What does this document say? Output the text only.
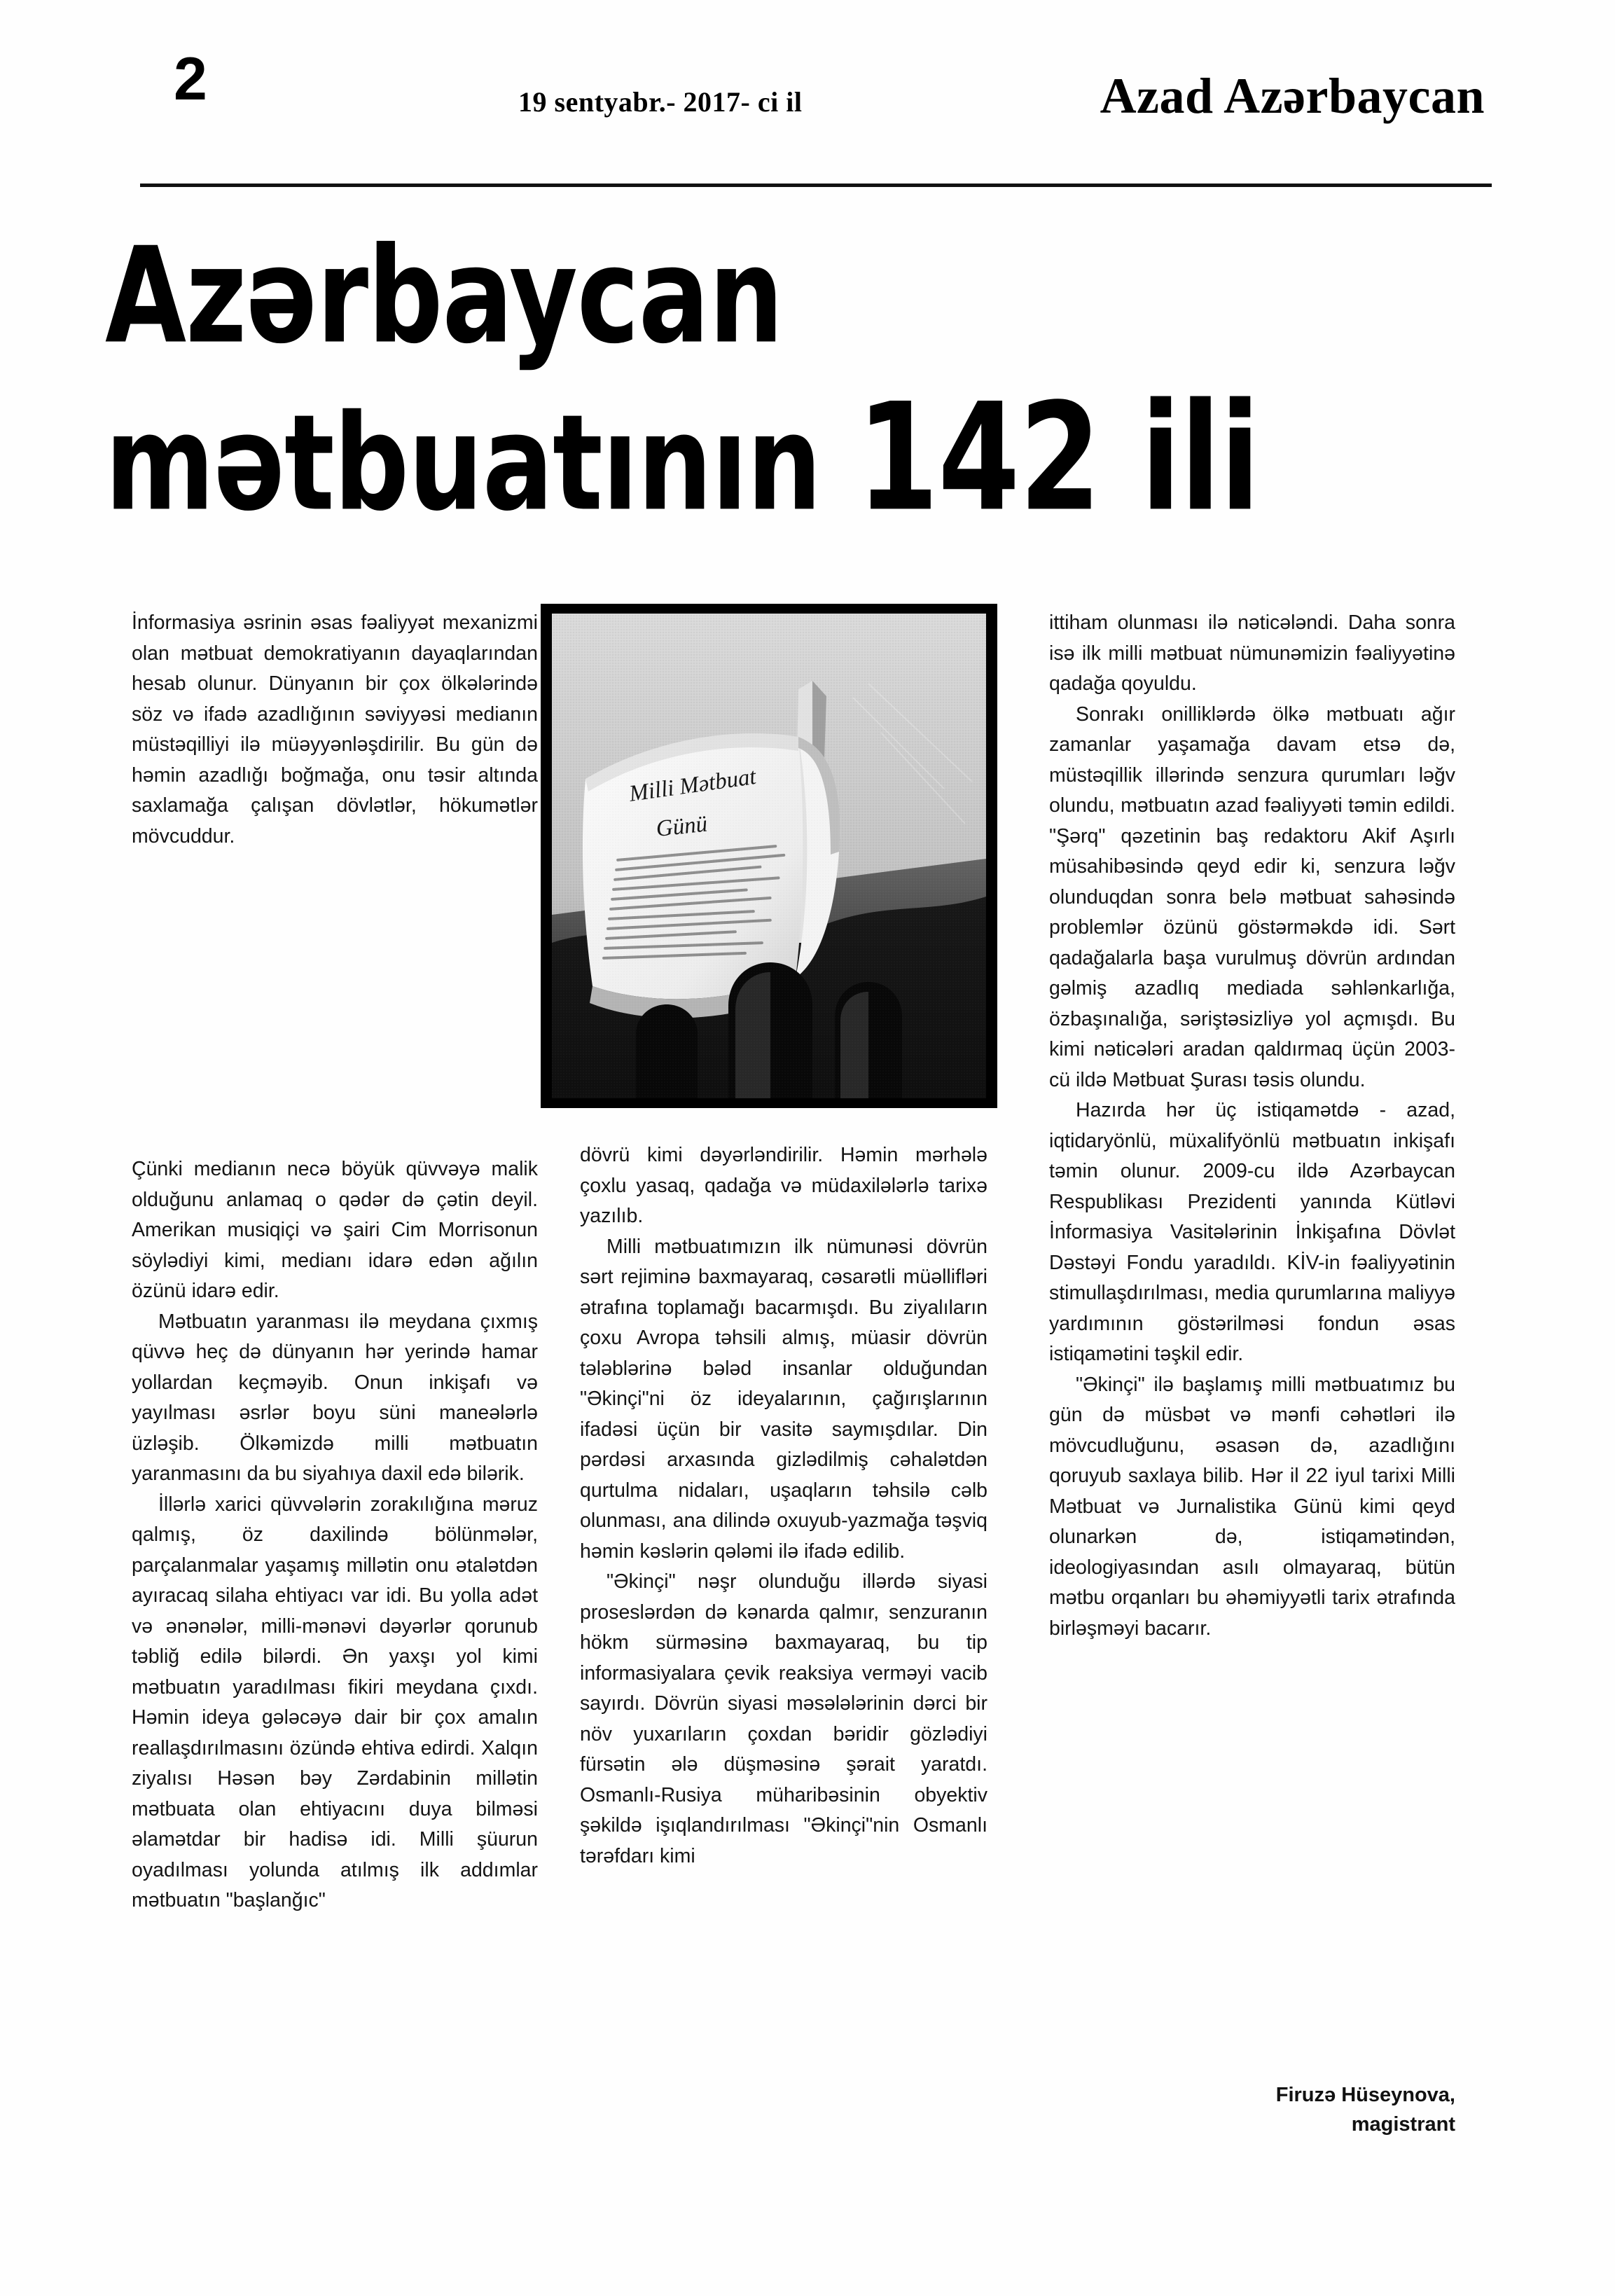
2	19 sentyabr.- 2017- ci il	Azad Azərbaycan
Azərbaycan
mətbuatının 142 ili

İnformasiya əsrinin əsas fəaliyyət mexanizmi olan mətbuat demokratiyanın dayaqlarından hesab olunur. Dünyanın bir çox ölkələrində söz və ifadə azadlığının səviyyəsi medianın müstəqilliyi ilə müəyyənləşdirilir. Bu gün də həmin azadlığı boğmağa, onu təsir altında saxlamağa çalışan dövlətlər, hökumətlər mövcuddur.

Çünki medianın necə böyük qüvvəyə malik olduğunu anlamaq o qədər də çətin deyil. Amerikan musiqiçi və şairi Cim Morrisonun söylədiyi kimi, medianı idarə edən ağılın özünü idarə edir.

Mətbuatın yaranması ilə meydana çıxmış qüvvə heç də dünyanın hər yerində hamar yollardan keçməyib. Onun inkişafı və yayılması əsrlər boyu süni maneələrlə üzləşib. Ölkəmizdə milli mətbuatın yaranmasını da bu siyahıya daxil edə bilərik.

İllərlə xarici qüvvələrin zorakılığına məruz qalmış, öz daxilində bölünmələr, parçalanmalar yaşamış millətin onu ətalətdən ayıracaq silaha ehtiyacı var idi. Bu yolla adət və ənənələr, milli-mənəvi dəyərlər qorunub təbliğ edilə bilərdi. Ən yaxşı yol kimi mətbuatın yaradılması fikiri meydana çıxdı. Həmin ideya gələcəyə dair bir çox amalın reallaşdırılmasını özündə ehtiva edirdi. Xalqın ziyalısı Həsən bəy Zərdabinin millətin mətbuata olan ehtiyacını duya bilməsi əlamətdar bir hadisə idi. Milli şüurun oyadılması yolunda atılmış ilk addımlar mətbuatın "başlanğıc"

dövrü kimi dəyərləndirilir. Həmin mərhələ çoxlu yasaq, qadağa və müdaxilələrlə tarixə yazılıb.

Milli mətbuatımızın ilk nümunəsi dövrün sərt rejiminə baxmayaraq, cəsarətli müəllifləri ətrafına toplamağı bacarmışdı. Bu ziyalıların çoxu Avropa təhsili almış, müasir dövrün tələblərinə bələd insanlar olduğundan "Əkinçi"ni öz ideyalarının, çağırışlarının ifadəsi üçün bir vasitə saymışdılar. Din pərdəsi arxasında gizlədilmiş cəhalətdən qurtulma nidaları, uşaqların təhsilə cəlb olunması, ana dilində oxuyub-yazmağa təşviq həmin kəslərin qələmi ilə ifadə edilib.

"Əkinçi" nəşr olunduğu illərdə siyasi proseslərdən də kənarda qalmır, senzuranın hökm sürməsinə baxmayaraq, bu tip informasiyalara çevik reaksiya verməyi vacib sayırdı. Dövrün siyasi məsələlərinin dərci bir növ yuxarıların çoxdan bəridir gözlədiyi fürsətin ələ düşməsinə şərait yaratdı. Osmanlı-Rusiya müharibəsinin obyektiv şəkildə işıqlandırılması "Əkinçi"nin Osmanlı tərəfdarı kimi

ittiham olunması ilə nəticələndi. Daha sonra isə ilk milli mətbuat nümunəmizin fəaliyyətinə qadağa qoyuldu.

Sonrakı onilliklərdə ölkə mətbuatı ağır zamanlar yaşamağa davam etsə də, müstəqillik illərində senzura qurumları ləğv olundu, mətbuatın azad fəaliyyəti təmin edildi. "Şərq" qəzetinin baş redaktoru Akif Aşırlı müsahibəsində qeyd edir ki, senzura ləğv olunduqdan sonra belə mətbuat sahəsində problemlər özünü göstərməkdə idi. Sərt qadağalarla başa vurulmuş dövrün ardından gəlmiş azadlıq mediada səhlənkarlığa, özbaşınalığa, səriştəsizliyə yol açmışdı. Bu kimi nəticələri aradan qaldırmaq üçün 2003-cü ildə Mətbuat Şurası təsis olundu.

Hazırda hər üç istiqamətdə - azad, iqtidaryönlü, müxalifyönlü mətbuatın inkişafı təmin olunur. 2009-cu ildə Azərbaycan Respublikası Prezidenti yanında Kütləvi İnformasiya Vasitələrinin İnkişafına Dövlət Dəstəyi Fondu yaradıldı. KİV-in fəaliyyətinin stimullaşdırılması, media qurumlarına maliyyə yardımının göstərilməsi fondun əsas istiqamətini təşkil edir.

"Əkinçi" ilə başlamış milli mətbuatımız bu gün də müsbət və mənfi cəhətləri ilə mövcudluğunu, əsasən də, azadlığını qoruyub saxlaya bilib. Hər il 22 iyul tarixi Milli Mətbuat və Jurnalistika Günü kimi qeyd olunarkən də, istiqamətindən, ideologiyasından asılı olmayaraq, bütün mətbu orqanları bu əhəmiyyətli tarix ətrafında birləşməyi bacarır.

Firuzə Hüseynova,
magistrant
